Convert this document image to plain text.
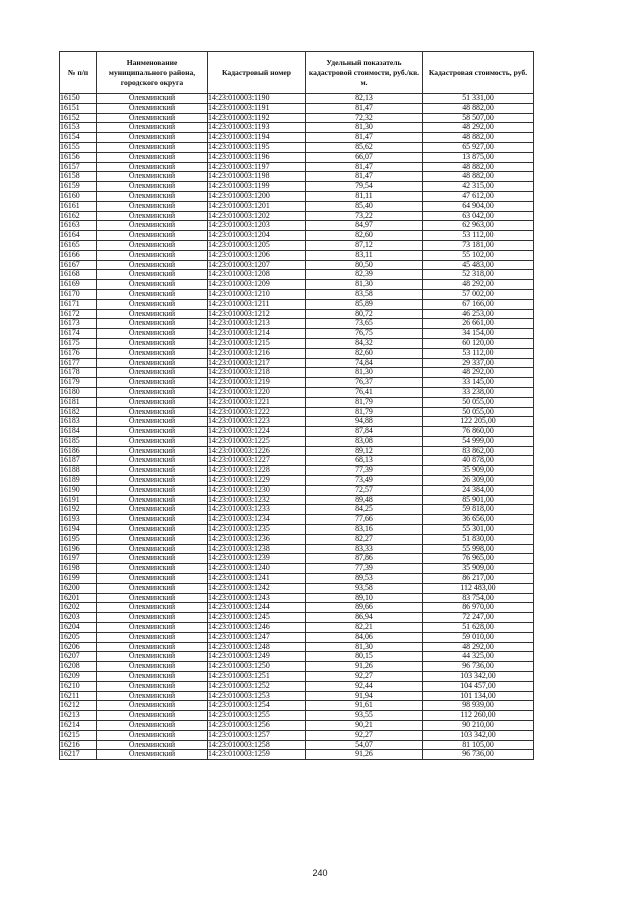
№ п/п	Наименование муниципального района, городского округа	Кадастровый номер	Удельный показатель кадастровой стоимости, руб./кв. м.	Кадастровая стоимость, руб.
16150	Олекминский	14:23:010003:1190	82,13	51 331,00
16151	Олекминский	14:23:010003:1191	81,47	48 882,00
16152	Олекминский	14:23:010003:1192	72,32	58 507,00
16153	Олекминский	14:23:010003:1193	81,30	48 292,00
16154	Олекминский	14:23:010003:1194	81,47	48 882,00
16155	Олекминский	14:23:010003:1195	85,62	65 927,00
16156	Олекминский	14:23:010003:1196	66,07	13 875,00
16157	Олекминский	14:23:010003:1197	81,47	48 882,00
16158	Олекминский	14:23:010003:1198	81,47	48 882,00
16159	Олекминский	14:23:010003:1199	79,54	42 315,00
16160	Олекминский	14:23:010003:1200	81,11	47 612,00
16161	Олекминский	14:23:010003:1201	85,40	64 904,00
16162	Олекминский	14:23:010003:1202	73,22	63 042,00
16163	Олекминский	14:23:010003:1203	84,97	62 963,00
16164	Олекминский	14:23:010003:1204	82,60	53 112,00
16165	Олекминский	14:23:010003:1205	87,12	73 181,00
16166	Олекминский	14:23:010003:1206	83,11	55 102,00
16167	Олекминский	14:23:010003:1207	80,50	45 483,00
16168	Олекминский	14:23:010003:1208	82,39	52 318,00
16169	Олекминский	14:23:010003:1209	81,30	48 292,00
16170	Олекминский	14:23:010003:1210	83,58	57 002,00
16171	Олекминский	14:23:010003:1211	85,89	67 166,00
16172	Олекминский	14:23:010003:1212	80,72	46 253,00
16173	Олекминский	14:23:010003:1213	73,65	26 661,00
16174	Олекминский	14:23:010003:1214	76,75	34 154,00
16175	Олекминский	14:23:010003:1215	84,32	60 120,00
16176	Олекминский	14:23:010003:1216	82,60	53 112,00
16177	Олекминский	14:23:010003:1217	74,84	29 337,00
16178	Олекминский	14:23:010003:1218	81,30	48 292,00
16179	Олекминский	14:23:010003:1219	76,37	33 145,00
16180	Олекминский	14:23:010003:1220	76,41	33 238,00
16181	Олекминский	14:23:010003:1221	81,79	50 055,00
16182	Олекминский	14:23:010003:1222	81,79	50 055,00
16183	Олекминский	14:23:010003:1223	94,88	122 205,00
16184	Олекминский	14:23:010003:1224	87,84	76 860,00
16185	Олекминский	14:23:010003:1225	83,08	54 999,00
16186	Олекминский	14:23:010003:1226	89,12	83 862,00
16187	Олекминский	14:23:010003:1227	68,13	40 878,00
16188	Олекминский	14:23:010003:1228	77,39	35 909,00
16189	Олекминский	14:23:010003:1229	73,49	26 309,00
16190	Олекминский	14:23:010003:1230	72,57	24 384,00
16191	Олекминский	14:23:010003:1232	89,48	85 901,00
16192	Олекминский	14:23:010003:1233	84,25	59 818,00
16193	Олекминский	14:23:010003:1234	77,66	36 656,00
16194	Олекминский	14:23:010003:1235	83,16	55 301,00
16195	Олекминский	14:23:010003:1236	82,27	51 830,00
16196	Олекминский	14:23:010003:1238	83,33	55 998,00
16197	Олекминский	14:23:010003:1239	87,86	76 965,00
16198	Олекминский	14:23:010003:1240	77,39	35 909,00
16199	Олекминский	14:23:010003:1241	89,53	86 217,00
16200	Олекминский	14:23:010003:1242	93,58	112 483,00
16201	Олекминский	14:23:010003:1243	89,10	83 754,00
16202	Олекминский	14:23:010003:1244	89,66	86 970,00
16203	Олекминский	14:23:010003:1245	86,94	72 247,00
16204	Олекминский	14:23:010003:1246	82,21	51 628,00
16205	Олекминский	14:23:010003:1247	84,06	59 010,00
16206	Олекминский	14:23:010003:1248	81,30	48 292,00
16207	Олекминский	14:23:010003:1249	80,15	44 325,00
16208	Олекминский	14:23:010003:1250	91,26	96 736,00
16209	Олекминский	14:23:010003:1251	92,27	103 342,00
16210	Олекминский	14:23:010003:1252	92,44	104 457,00
16211	Олекминский	14:23:010003:1253	91,94	101 134,00
16212	Олекминский	14:23:010003:1254	91,61	98 939,00
16213	Олекминский	14:23:010003:1255	93,55	112 260,00
16214	Олекминский	14:23:010003:1256	90,21	90 210,00
16215	Олекминский	14:23:010003:1257	92,27	103 342,00
16216	Олекминский	14:23:010003:1258	54,07	81 105,00
16217	Олекминский	14:23:010003:1259	91,26	96 736,00
240
